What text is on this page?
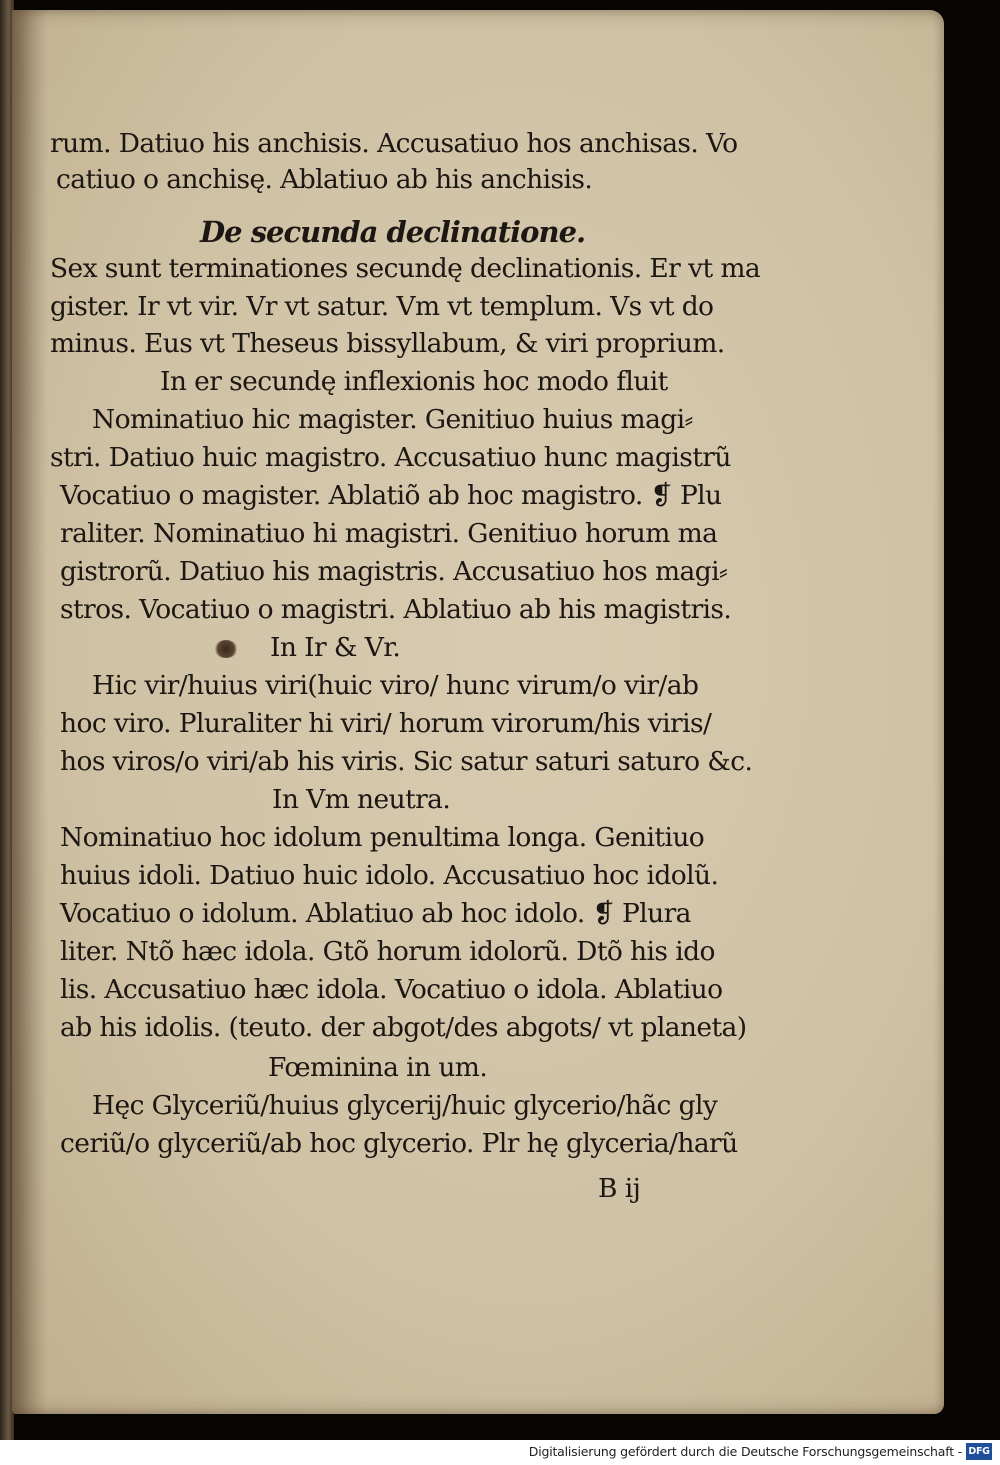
rum. Datiuo his anchisis. Accusatiuo hos anchisas. Vo
catiuo o anchisę. Ablatiuo ab his anchisis.
De secunda declinatione.
Sex sunt terminationes secundę declinationis. Er vt ma
gister. Ir vt vir. Vr vt satur. Vm vt templum. Vs vt do
minus. Eus vt Theseus bissyllabum, & viri proprium.
In er secundę inflexionis hoc modo fluit
Nominatiuo hic magister. Genitiuo huius magi⸗
stri. Datiuo huic magistro. Accusatiuo hunc magistrũ
Vocatiuo o magister. Ablatiõ ab hoc magistro. ❡ Plu
raliter. Nominatiuo hi magistri. Genitiuo horum ma
gistrorũ. Datiuo his magistris. Accusatiuo hos magi⸗
stros. Vocatiuo o magistri. Ablatiuo ab his magistris.
In Ir & Vr.
Hic vir/huius viri(huic viro/ hunc virum/o vir/ab
hoc viro. Pluraliter hi viri/ horum virorum/his viris/
hos viros/o viri/ab his viris. Sic satur saturi saturo &c.
In Vm neutra.
Nominatiuo hoc idolum penultima longa. Genitiuo
huius idoli. Datiuo huic idolo. Accusatiuo hoc idolũ.
Vocatiuo o idolum. Ablatiuo ab hoc idolo. ❡ Plura
liter. Ntõ hæc idola. Gtõ horum idolorũ. Dtõ his ido
lis. Accusatiuo hæc idola. Vocatiuo o idola. Ablatiuo
ab his idolis. (teuto. der abgot/des abgots/ vt planeta)
Fœminina in um.
Hęc Glyceriũ/huius glycerij/huic glycerio/hãc gly
ceriũ/o glyceriũ/ab hoc glycerio. Plr hę glyceria/harũ
B ij
Digitalisierung gefördert durch die Deutsche Forschungsgemeinschaft - DFG
